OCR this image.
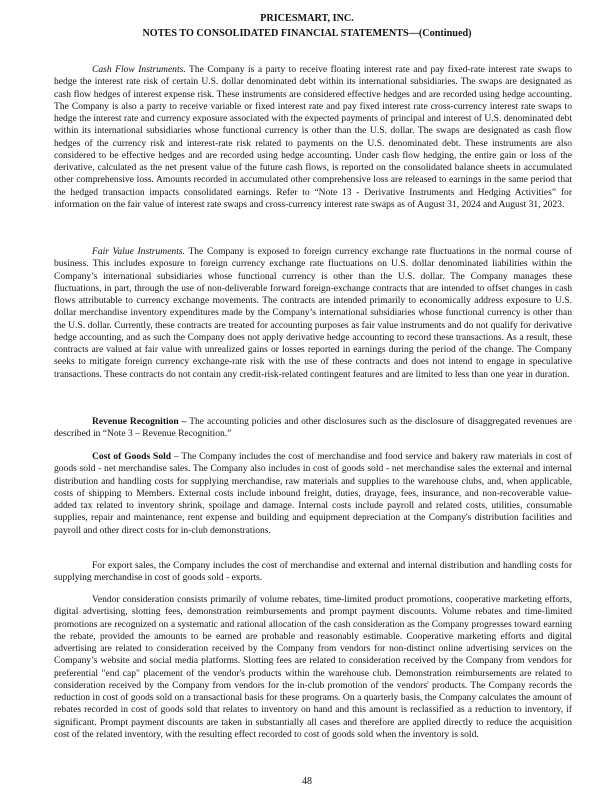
PRICESMART, INC.
NOTES TO CONSOLIDATED FINANCIAL STATEMENTS—(Continued)

Cash Flow Instruments. The Company is a party to receive floating interest rate and pay fixed-rate interest rate swaps to hedge the interest rate risk of certain U.S. dollar denominated debt within its international subsidiaries. The swaps are designated as cash flow hedges of interest expense risk. These instruments are considered effective hedges and are recorded using hedge accounting. The Company is also a party to receive variable or fixed interest rate and pay fixed interest rate cross-currency interest rate swaps to hedge the interest rate and currency exposure associated with the expected payments of principal and interest of U.S. denominated debt within its international subsidiaries whose functional currency is other than the U.S. dollar. The swaps are designated as cash flow hedges of the currency risk and interest-rate risk related to payments on the U.S. denominated debt. These instruments are also considered to be effective hedges and are recorded using hedge accounting. Under cash flow hedging, the entire gain or loss of the derivative, calculated as the net present value of the future cash flows, is reported on the consolidated balance sheets in accumulated other comprehensive loss. Amounts recorded in accumulated other comprehensive loss are released to earnings in the same period that the hedged transaction impacts consolidated earnings. Refer to “Note 13 - Derivative Instruments and Hedging Activities” for information on the fair value of interest rate swaps and cross-currency interest rate swaps as of August 31, 2024 and August 31, 2023.

Fair Value Instruments. The Company is exposed to foreign currency exchange rate fluctuations in the normal course of business. This includes exposure to foreign currency exchange rate fluctuations on U.S. dollar denominated liabilities within the Company’s international subsidiaries whose functional currency is other than the U.S. dollar. The Company manages these fluctuations, in part, through the use of non-deliverable forward foreign-exchange contracts that are intended to offset changes in cash flows attributable to currency exchange movements. The contracts are intended primarily to economically address exposure to U.S. dollar merchandise inventory expenditures made by the Company’s international subsidiaries whose functional currency is other than the U.S. dollar. Currently, these contracts are treated for accounting purposes as fair value instruments and do not qualify for derivative hedge accounting, and as such the Company does not apply derivative hedge accounting to record these transactions. As a result, these contracts are valued at fair value with unrealized gains or losses reported in earnings during the period of the change. The Company seeks to mitigate foreign currency exchange-rate risk with the use of these contracts and does not intend to engage in speculative transactions. These contracts do not contain any credit-risk-related contingent features and are limited to less than one year in duration.

Revenue Recognition – The accounting policies and other disclosures such as the disclosure of disaggregated revenues are described in “Note 3 – Revenue Recognition.”

Cost of Goods Sold – The Company includes the cost of merchandise and food service and bakery raw materials in cost of goods sold - net merchandise sales. The Company also includes in cost of goods sold - net merchandise sales the external and internal distribution and handling costs for supplying merchandise, raw materials and supplies to the warehouse clubs, and, when applicable, costs of shipping to Members. External costs include inbound freight, duties, drayage, fees, insurance, and non-recoverable value-added tax related to inventory shrink, spoilage and damage. Internal costs include payroll and related costs, utilities, consumable supplies, repair and maintenance, rent expense and building and equipment depreciation at the Company's distribution facilities and payroll and other direct costs for in-club demonstrations.

For export sales, the Company includes the cost of merchandise and external and internal distribution and handling costs for supplying merchandise in cost of goods sold - exports.

Vendor consideration consists primarily of volume rebates, time-limited product promotions, cooperative marketing efforts, digital advertising, slotting fees, demonstration reimbursements and prompt payment discounts. Volume rebates and time-limited promotions are recognized on a systematic and rational allocation of the cash consideration as the Company progresses toward earning the rebate, provided the amounts to be earned are probable and reasonably estimable. Cooperative marketing efforts and digital advertising are related to consideration received by the Company from vendors for non-distinct online advertising services on the Company’s website and social media platforms. Slotting fees are related to consideration received by the Company from vendors for preferential "end cap" placement of the vendor's products within the warehouse club. Demonstration reimbursements are related to consideration received by the Company from vendors for the in-club promotion of the vendors' products. The Company records the reduction in cost of goods sold on a transactional basis for these programs. On a quarterly basis, the Company calculates the amount of rebates recorded in cost of goods sold that relates to inventory on hand and this amount is reclassified as a reduction to inventory, if significant. Prompt payment discounts are taken in substantially all cases and therefore are applied directly to reduce the acquisition cost of the related inventory, with the resulting effect recorded to cost of goods sold when the inventory is sold.

48
